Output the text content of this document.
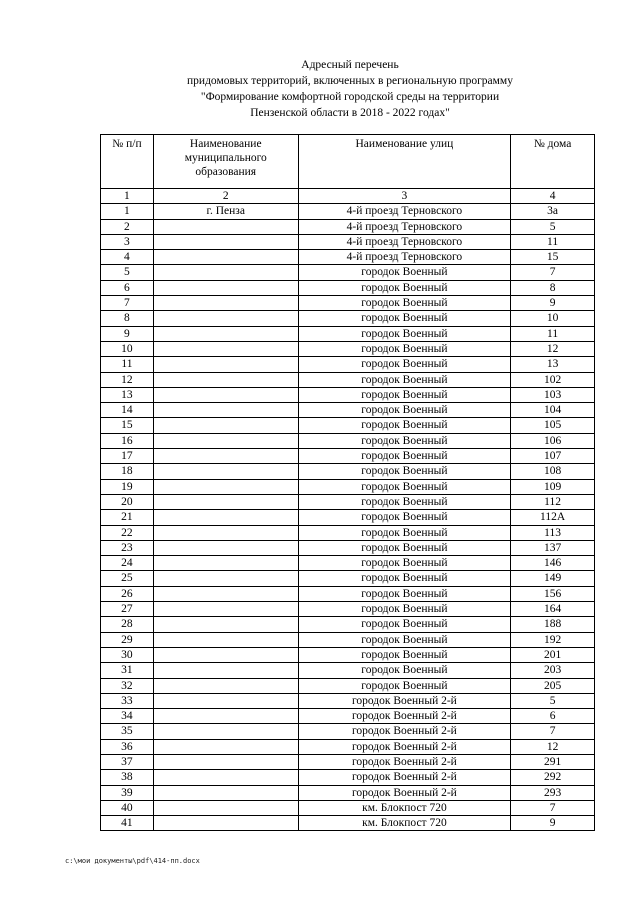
Адресный перечень
придомовых территорий, включенных в региональную программу
"Формирование комфортной городской среды на территории
Пензенской области в 2018 - 2022 годах"
№ п/п	Наименование муниципального образования	Наименование улиц	№ дома
1	2	3	4
1	г. Пенза	4-й проезд Терновского	3а
2		4-й проезд Терновского	5
3		4-й проезд Терновского	11
4		4-й проезд Терновского	15
5		городок Военный	7
6		городок Военный	8
7		городок Военный	9
8		городок Военный	10
9		городок Военный	11
10		городок Военный	12
11		городок Военный	13
12		городок Военный	102
13		городок Военный	103
14		городок Военный	104
15		городок Военный	105
16		городок Военный	106
17		городок Военный	107
18		городок Военный	108
19		городок Военный	109
20		городок Военный	112
21		городок Военный	112А
22		городок Военный	113
23		городок Военный	137
24		городок Военный	146
25		городок Военный	149
26		городок Военный	156
27		городок Военный	164
28		городок Военный	188
29		городок Военный	192
30		городок Военный	201
31		городок Военный	203
32		городок Военный	205
33		городок Военный 2-й	5
34		городок Военный 2-й	6
35		городок Военный 2-й	7
36		городок Военный 2-й	12
37		городок Военный 2-й	291
38		городок Военный 2-й	292
39		городок Военный 2-й	293
40		км. Блокпост 720	7
41		км. Блокпост 720	9
c:\мои документы\pdf\414-пп.docx
